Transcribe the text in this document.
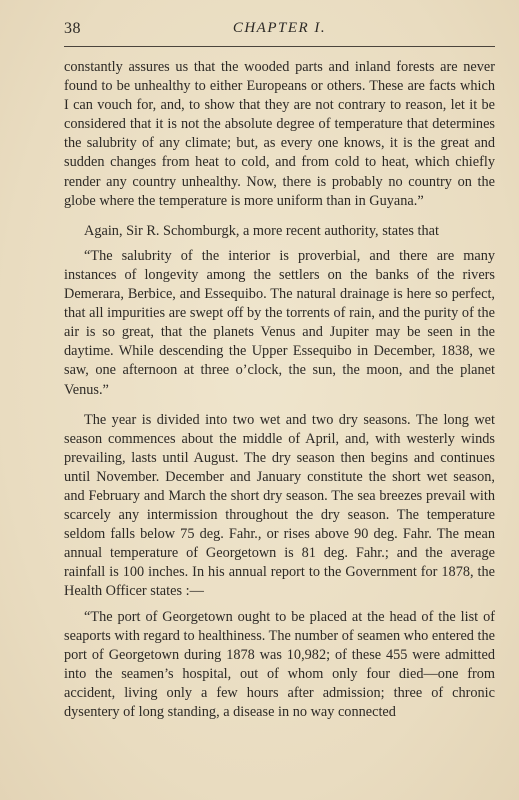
38	CHAPTER I.

constantly assures us that the wooded parts and inland forests are never found to be unhealthy to either Europeans or others. These are facts which I can vouch for, and, to show that they are not contrary to reason, let it be considered that it is not the absolute degree of temperature that determines the salubrity of any climate; but, as every one knows, it is the great and sudden changes from heat to cold, and from cold to heat, which chiefly render any country unhealthy. Now, there is probably no country on the globe where the temperature is more uniform than in Guyana.”

Again, Sir R. Schomburgk, a more recent authority, states that

“The salubrity of the interior is proverbial, and there are many instances of longevity among the settlers on the banks of the rivers Demerara, Berbice, and Essequibo. The natural drainage is here so perfect, that all impurities are swept off by the torrents of rain, and the purity of the air is so great, that the planets Venus and Jupiter may be seen in the daytime. While descending the Upper Essequibo in December, 1838, we saw, one afternoon at three o’clock, the sun, the moon, and the planet Venus.”

The year is divided into two wet and two dry seasons. The long wet season commences about the middle of April, and, with westerly winds prevailing, lasts until August. The dry season then begins and continues until November. December and January constitute the short wet season, and February and March the short dry season. The sea breezes prevail with scarcely any intermission throughout the dry season. The temperature seldom falls below 75 deg. Fahr., or rises above 90 deg. Fahr. The mean annual temperature of Georgetown is 81 deg. Fahr.; and the average rainfall is 100 inches. In his annual report to the Government for 1878, the Health Officer states :—

“The port of Georgetown ought to be placed at the head of the list of seaports with regard to healthiness. The number of seamen who entered the port of Georgetown during 1878 was 10,982; of these 455 were admitted into the seamen’s hospital, out of whom only four died—one from accident, living only a few hours after admission; three of chronic dysentery of long standing, a disease in no way connected
